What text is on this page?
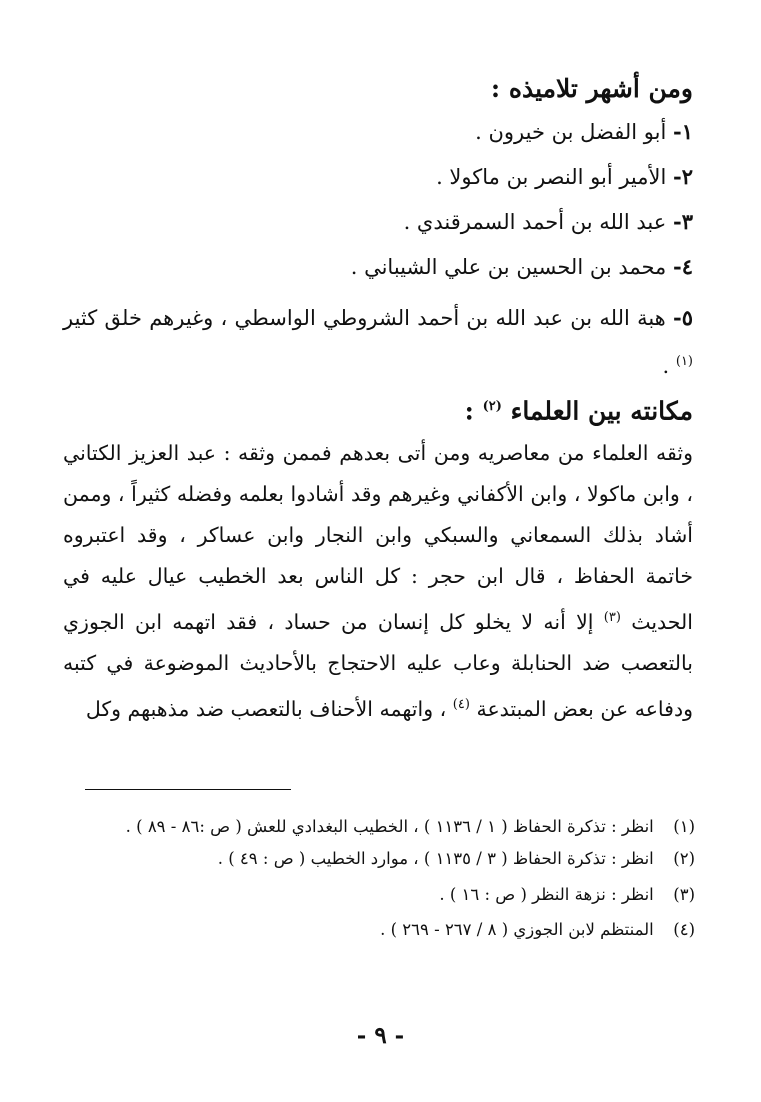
ومن أشهر تلاميذه :
١- أبو الفضل بن خيرون .
٢- الأمير أبو النصر بن ماكولا .
٣- عبد الله بن أحمد السمرقندي .
٤- محمد بن الحسين بن علي الشيباني .
٥- هبة الله بن عبد الله بن أحمد الشروطي الواسطي ، وغيرهم خلق كثير $^{(١)}$ .
مكانته بين العلماء $^{(٢)}$ :
وثقه العلماء من معاصريه ومن أتى بعدهم فممن وثقه : عبد العزيز الكتاني ، وابن ماكولا ، وابن الأكفاني وغيرهم وقد أشادوا بعلمه وفضله كثيراً ، وممن أشاد بذلك السمعاني والسبكي وابن النجار وابن عساكر ، وقد اعتبروه خاتمة الحفاظ ، قال ابن حجر : كل الناس بعد الخطيب عيال عليه في الحديث $^{(٣)}$ إلا أنه لا يخلو كل إنسان من حساد ، فقد اتهمه ابن الجوزي بالتعصب ضد الحنابلة وعاب عليه الاحتجاج بالأحاديث الموضوعة في كتبه ودفاعه عن بعض المبتدعة $^{(٤)}$ ، واتهمه الأحناف بالتعصب ضد مذهبهم وكل
(١) انظر : تذكرة الحفاظ ( ١ / ١١٣٦ ) ، الخطيب البغدادي للعش ( ص :٨٦ - ٨٩ ) .
(٢) انظر : تذكرة الحفاظ ( ٣ / ١١٣٥ ) ، موارد الخطيب ( ص : ٤٩ ) .
(٣) انظر : نزهة النظر ( ص : ١٦ ) .
(٤) المنتظم لابن الجوزي ( ٨ / ٢٦٧ - ٢٦٩ ) .
- ٩ -
